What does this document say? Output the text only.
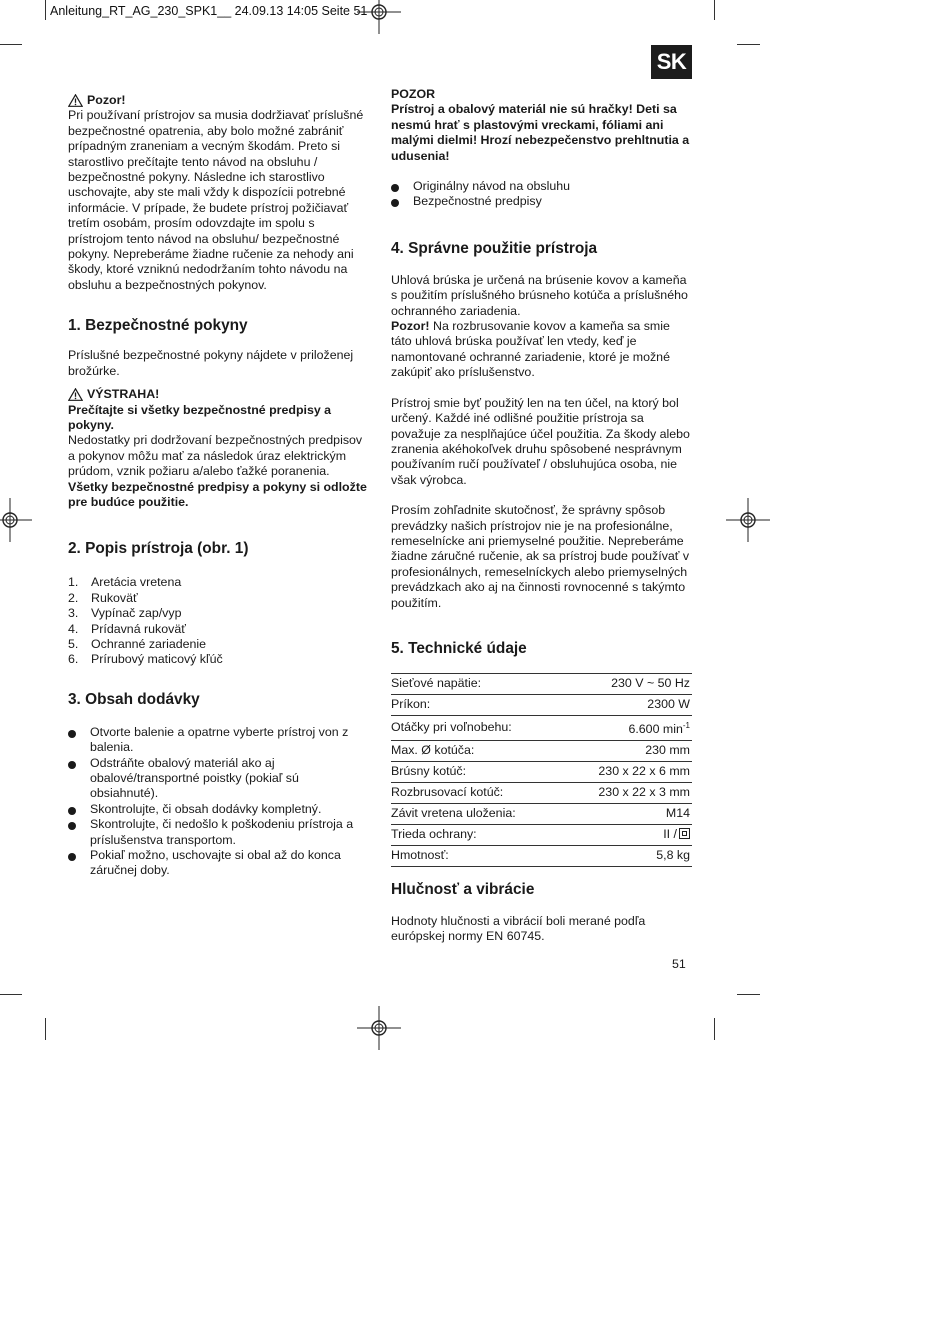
Anleitung_RT_AG_230_SPK1__ 24.09.13 14:05 Seite 51
SK
Pozor!

Pri používaní prístrojov sa musia dodržiavať príslušné bezpečnostné opatrenia, aby bolo možné zabrániť prípadným zraneniam a vecným škodám. Preto si starostlivo prečítajte tento návod na obsluhu / bezpečnostné pokyny. Následne ich starostlivo uschovajte, aby ste mali vždy k dispozícii potrebné informácie. V prípade, že budete prístroj požičiavať tretím osobám, prosím odovzdajte im spolu s prístrojom tento návod na obsluhu/ bezpečnostné pokyny. Nepreberáme žiadne ručenie za nehody ani škody, ktoré vzniknú nedodržaním tohto návodu na obsluhu a bezpečnostných pokynov.

1. Bezpečnostné pokyny

Príslušné bezpečnostné pokyny nájdete v priloženej brožúrke.

VÝSTRAHA!

Prečítajte si všetky bezpečnostné predpisy a pokyny.

Nedostatky pri dodržovaní bezpečnostných predpisov a pokynov môžu mať za následok úraz elektrickým prúdom, vznik požiaru a/alebo ťažké poranenia.

Všetky bezpečnostné predpisy a pokyny si odložte pre budúce použitie.

2. Popis prístroja (obr. 1)
1.	Aretácia vretena
2.	Rukoväť
3.	Vypínač zap/vyp
4.	Prídavná rukoväť
5.	Ochranné zariadenie
6.	Prírubový maticový kľúč
3. Obsah dodávky
Otvorte balenie a opatrne vyberte prístroj von z balenia.
Odstráňte obalový materiál ako aj obalové/transportné poistky (pokiaľ sú obsiahnuté).
Skontrolujte, či obsah dodávky kompletný.
Skontrolujte, či nedošlo k poškodeniu prístroja a príslušenstva transportom.
Pokiaľ možno, uschovajte si obal až do konca záručnej doby.

POZOR

Prístroj a obalový materiál nie sú hračky! Deti sa nesmú hrať s plastovými vreckami, fóliami ani malými dielmi! Hrozí nebezpečenstvo prehltnutia a udusenia!

Originálny návod na obsluhu
Bezpečnostné predpisy
4. Správne použitie prístroja

Uhlová brúska je určená na brúsenie kovov a kameňa s použitím príslušného brúsneho kotúča a príslušného ochranného zariadenia.

Pozor! Na rozbrusovanie kovov a kameňa sa smie táto uhlová brúska používať len vtedy, keď je namontované ochranné zariadenie, ktoré je možné zakúpiť ako príslušenstvo.

Prístroj smie byť použitý len na ten účel, na ktorý bol určený. Každé iné odlišné použitie prístroja sa považuje za nesplňajúce účel použitia. Za škody alebo zranenia akéhokoľvek druhu spôsobené nesprávnym používaním ručí používateľ / obsluhujúca osoba, nie však výrobca.

Prosím zohľadnite skutočnosť, že správny spôsob prevádzky našich prístrojov nie je na profesionálne, remeselnícke ani priemyselné použitie. Nepreberáme žiadne záručné ručenie, ak sa prístroj bude používať v profesionálnych, remeselníckych alebo priemyselných prevádzkach ako aj na činnosti rovnocenné s takýmto použitím.

5. Technické údaje
Sieťové napätie:	230 V ~ 50 Hz
Príkon:	2300 W
Otáčky pri voľnobehu:	6.600 $\min^{-1}$
Max. Ø kotúča:	230 mm
Brúsny kotúč:	230 x 22 x 6 mm
Rozbrusovací kotúč:	230 x 22 x 3 mm
Závit vretena uloženia:	M14
Trieda ochrany:	II /
Hmotnosť:	5,8 kg
Hlučnosť a vibrácie

Hodnoty hlučnosti a vibrácií boli merané podľa európskej normy EN 60745.

51
